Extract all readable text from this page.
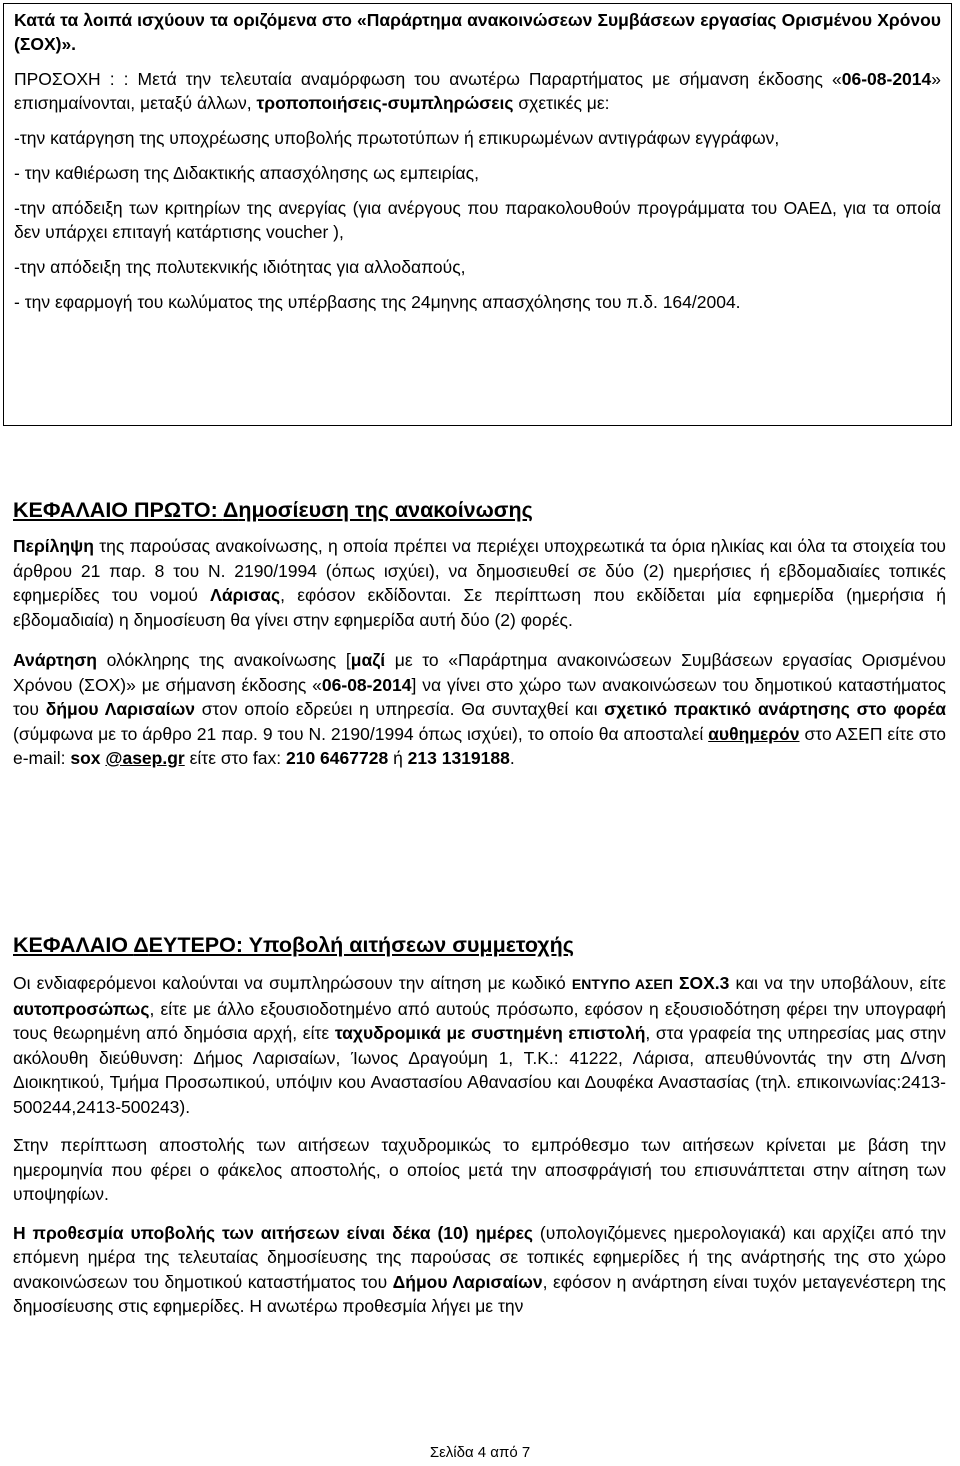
Κατά τα λοιπά ισχύουν τα οριζόμενα στο «Παράρτημα ανακοινώσεων Συμβάσεων εργασίας Ορισμένου Χρόνου (ΣΟΧ)».

ΠΡΟΣΟΧΗ : : Μετά την τελευταία αναμόρφωση του ανωτέρω Παραρτήματος με σήμανση έκδοσης «06-08-2014» επισημαίνονται, μεταξύ άλλων, τροποποιήσεις-συμπληρώσεις σχετικές με:

-την κατάργηση της υποχρέωσης υποβολής πρωτοτύπων ή επικυρωμένων αντιγράφων εγγράφων,

- την καθιέρωση της Διδακτικής απασχόλησης ως εμπειρίας,

-την απόδειξη των κριτηρίων της ανεργίας (για ανέργους που παρακολουθούν προγράμματα του ΟΑΕΔ, για τα οποία δεν υπάρχει επιταγή κατάρτισης voucher ),

-την απόδειξη της πολυτεκνικής ιδιότητας για αλλοδαπούς,

- την εφαρμογή του κωλύματος της υπέρβασης της 24μηνης απασχόλησης του π.δ. 164/2004.

ΚΕΦΑΛΑΙΟ ΠΡΩΤΟ: Δημοσίευση της ανακοίνωσης

Περίληψη της παρούσας ανακοίνωσης, η οποία πρέπει να περιέχει υποχρεωτικά τα όρια ηλικίας και όλα τα στοιχεία του άρθρου 21 παρ. 8 του Ν. 2190/1994 (όπως ισχύει), να δημοσιευθεί σε δύο (2) ημερήσιες ή εβδομαδιαίες τοπικές εφημερίδες του νομού Λάρισας, εφόσον εκδίδονται. Σε περίπτωση που εκδίδεται μία εφημερίδα (ημερήσια ή εβδομαδιαία) η δημοσίευση θα γίνει στην εφημερίδα αυτή δύο (2) φορές.

Ανάρτηση ολόκληρης της ανακοίνωσης [μαζί με το «Παράρτημα ανακοινώσεων Συμβάσεων εργασίας Ορισμένου Χρόνου (ΣΟΧ)» με σήμανση έκδοσης «06-08-2014] να γίνει στο χώρο των ανακοινώσεων του δημοτικού καταστήματος του δήμου Λαρισαίων στον οποίο εδρεύει η υπηρεσία. Θα συνταχθεί και σχετικό πρακτικό ανάρτησης στο φορέα (σύμφωνα με το άρθρο 21 παρ. 9 του Ν. 2190/1994 όπως ισχύει), το οποίο θα αποσταλεί αυθημερόν στο ΑΣΕΠ είτε στο e-mail: sox @asep.gr είτε στο fax: 210 6467728 ή 213 1319188.

ΚΕΦΑΛΑΙΟ ΔΕΥΤΕΡΟ: Υποβολή αιτήσεων συμμετοχής

Οι ενδιαφερόμενοι καλούνται να συμπληρώσουν την αίτηση με κωδικό ΕΝΤΥΠΟ ΑΣΕΠ ΣΟΧ.3 και να την υποβάλουν, είτε αυτοπροσώπως, είτε με άλλο εξουσιοδοτημένο από αυτούς πρόσωπο, εφόσον η εξουσιοδότηση φέρει την υπογραφή τους θεωρημένη από δημόσια αρχή, είτε ταχυδρομικά με συστημένη επιστολή, στα γραφεία της υπηρεσίας μας στην ακόλουθη διεύθυνση: Δήμος Λαρισαίων, Ίωνος Δραγούμη 1, Τ.Κ.: 41222, Λάρισα, απευθύνοντάς την στη Δ/νση Διοικητικού, Τμήμα Προσωπικού, υπόψιν κου Αναστασίου Αθανασίου και Δουφέκα Αναστασίας (τηλ. επικοινωνίας:2413-500244,2413-500243).

Στην περίπτωση αποστολής των αιτήσεων ταχυδρομικώς το εμπρόθεσμο των αιτήσεων κρίνεται με βάση την ημερομηνία που φέρει ο φάκελος αποστολής, ο οποίος μετά την αποσφράγισή του επισυνάπτεται στην αίτηση των υποψηφίων.

Η προθεσμία υποβολής των αιτήσεων είναι δέκα (10) ημέρες (υπολογιζόμενες ημερολογιακά) και αρχίζει από την επόμενη ημέρα της τελευταίας δημοσίευσης της παρούσας σε τοπικές εφημερίδες ή της ανάρτησής της στο χώρο ανακοινώσεων του δημοτικού καταστήματος του Δήμου Λαρισαίων, εφόσον η ανάρτηση είναι τυχόν μεταγενέστερη της δημοσίευσης στις εφημερίδες. Η ανωτέρω προθεσμία λήγει με την

Σελίδα 4 από 7
